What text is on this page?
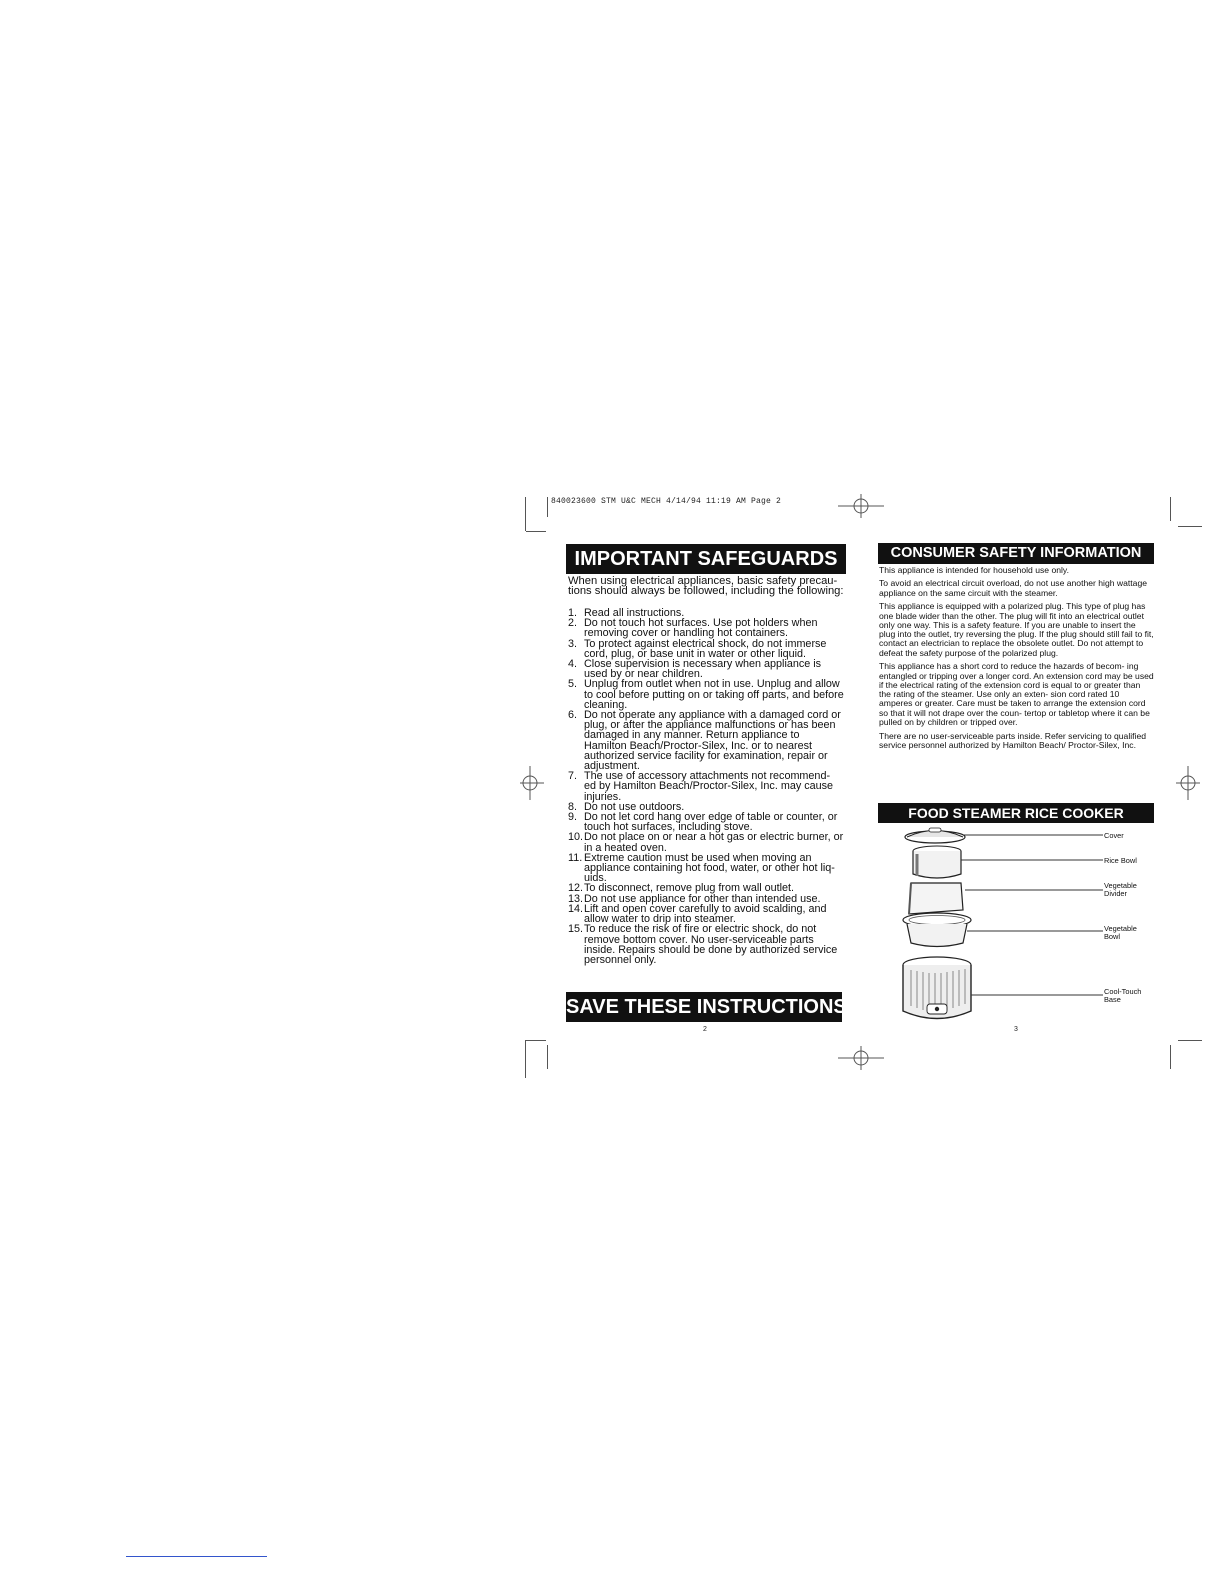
840023600 STM U&C MECH 4/14/94 11:19 AM Page 2
IMPORTANT SAFEGUARDS
When using electrical appliances, basic safety precau- tions should always be followed, including the following:
1. Read all instructions.
2. Do not touch hot surfaces. Use pot holders when removing cover or handling hot containers.
3. To protect against electrical shock, do not immerse cord, plug, or base unit in water or other liquid.
4. Close supervision is necessary when appliance is used by or near children.
5. Unplug from outlet when not in use. Unplug and allow to cool before putting on or taking off parts, and before cleaning.
6. Do not operate any appliance with a damaged cord or plug, or after the appliance malfunctions or has been damaged in any manner. Return appliance to Hamilton Beach/Proctor-Silex, Inc. or to nearest authorized service facility for examination, repair or adjustment.
7. The use of accessory attachments not recommend- ed by Hamilton Beach/Proctor-Silex, Inc. may cause injuries.
8. Do not use outdoors.
9. Do not let cord hang over edge of table or counter, or touch hot surfaces, including stove.
10. Do not place on or near a hot gas or electric burner, or in a heated oven.
11. Extreme caution must be used when moving an appliance containing hot food, water, or other hot liq- uids.
12. To disconnect, remove plug from wall outlet.
13. Do not use appliance for other than intended use.
14. Lift and open cover carefully to avoid scalding, and allow water to drip into steamer.
15. To reduce the risk of fire or electric shock, do not remove bottom cover. No user-serviceable parts inside. Repairs should be done by authorized service personnel only.
SAVE THESE INSTRUCTIONS!
2
CONSUMER SAFETY INFORMATION

This appliance is intended for household use only.

To avoid an electrical circuit overload, do not use another high wattage appliance on the same circuit with the steamer.

This appliance is equipped with a polarized plug. This type of plug has one blade wider than the other. The plug will fit into an electrical outlet only one way. This is a safety feature. If you are unable to insert the plug into the outlet, try reversing the plug. If the plug should still fail to fit, contact an electrician to replace the obsolete outlet. Do not attempt to defeat the safety purpose of the polarized plug.

This appliance has a short cord to reduce the hazards of becom- ing entangled or tripping over a longer cord. An extension cord may be used if the electrical rating of the extension cord is equal to or greater than the rating of the steamer. Use only an exten- sion cord rated 10 amperes or greater. Care must be taken to arrange the extension cord so that it will not drape over the coun- tertop or tabletop where it can be pulled on by children or tripped over.

There are no user-serviceable parts inside. Refer servicing to qualified service personnel authorized by Hamilton Beach/ Proctor-Silex, Inc.

FOOD STEAMER RICE COOKER
Cover
Rice Bowl
Vegetable
Divider
Vegetable
Bowl
Cool-Touch
Base
3
